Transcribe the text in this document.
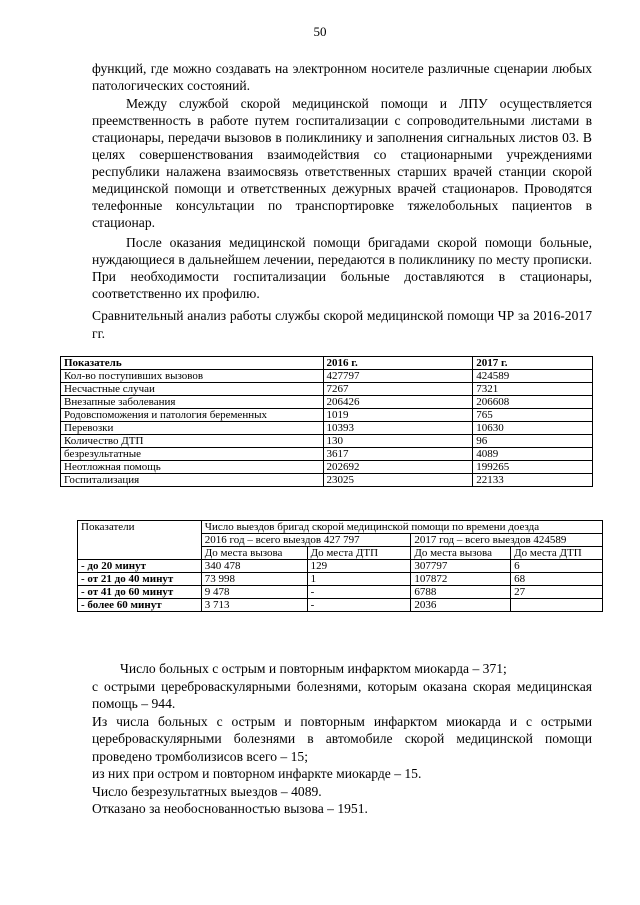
50

функций, где можно создавать на электронном носителе различные сценарии любых патологических состояний.

Между службой скорой медицинской помощи и ЛПУ осуществляется преемственность в работе путем госпитализации с сопроводительными листами в стационары, передачи вызовов в поликлинику и заполнения сигнальных листов 03. В целях совершенствования взаимодействия со стационарными учреждениями республики налажена взаимосвязь ответственных старших врачей станции скорой медицинской помощи и ответственных дежурных врачей стационаров. Проводятся телефонные консультации по транспортировке тяжелобольных пациентов в стационар.

После оказания медицинской помощи бригадами скорой помощи больные, нуждающиеся в дальнейшем лечении, передаются в поликлинику по месту прописки. При необходимости госпитализации больные доставляются в стационары, соответственно их профилю.

Сравнительный анализ работы службы скорой медицинской помощи ЧР за 2016-2017 гг.

Показатель	2016 г.	2017 г.
Кол-во поступивших вызовов	427797	424589
Несчастные случаи	7267	7321
Внезапные заболевания	206426	206608
Родовспоможения и патология беременных	1019	765
Перевозки	10393	10630
Количество ДТП	130	96
безрезультатные	3617	4089
Неотложная помощь	202692	199265
Госпитализация	23025	22133
Показатели	Число выездов бригад скорой медицинской помощи по времени доезда			
	2016 год – всего выездов 427 797		2017 год – всего выездов 424589	
	До места вызова	До места ДТП	До места вызова	До места ДТП
- до 20 минут	340 478	129	307797	6
- от 21 до 40 минут	73 998	1	107872	68
- от 41 до 60 минут	9 478	-	6788	27
- более 60 минут	3 713	-	2036	

Число больных с острым и повторным инфарктом миокарда – 371;

с острыми цереброваскулярными болезнями, которым оказана скорая медицинская помощь – 944.

Из числа больных с острым и повторным инфарктом миокарда и с острыми цереброваскулярными болезнями в автомобиле скорой медицинской помощи проведено тромболизисов всего – 15;

из них при остром и повторном инфаркте миокарде – 15.

Число безрезультатных выездов – 4089.

Отказано за необоснованностью вызова – 1951.
